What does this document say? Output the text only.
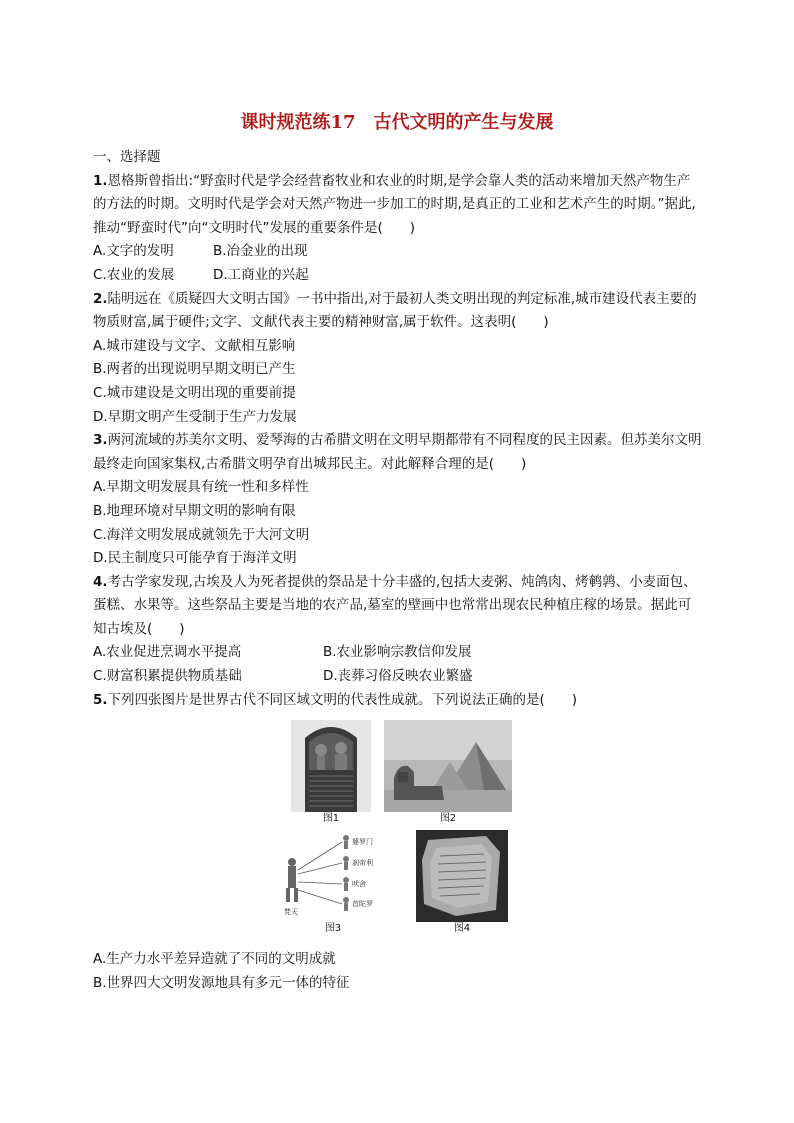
课时规范练17　古代文明的产生与发展
一、选择题
1.恩格斯曾指出:“野蛮时代是学会经营畜牧业和农业的时期,是学会靠人类的活动来增加天然产物生产的方法的时期。文明时代是学会对天然产物进一步加工的时期,是真正的工业和艺术产生的时期。”据此,推动“野蛮时代”向“文明时代”发展的重要条件是(　　)
A.文字的发明	B.冶金业的出现
C.农业的发展	D.工商业的兴起
2.陆明远在《质疑四大文明古国》一书中指出,对于最初人类文明出现的判定标准,城市建设代表主要的物质财富,属于硬件;文字、文献代表主要的精神财富,属于软件。这表明(　　)
A.城市建设与文字、文献相互影响
B.两者的出现说明早期文明已产生
C.城市建设是文明出现的重要前提
D.早期文明产生受制于生产力发展
3.两河流域的苏美尔文明、爱琴海的古希腊文明在文明早期都带有不同程度的民主因素。但苏美尔文明最终走向国家集权,古希腊文明孕育出城邦民主。对此解释合理的是(　　)
A.早期文明发展具有统一性和多样性
B.地理环境对早期文明的影响有限
C.海洋文明发展成就领先于大河文明
D.民主制度只可能孕育于海洋文明
4.考古学家发现,古埃及人为死者提供的祭品是十分丰盛的,包括大麦粥、炖鸽肉、烤鹌鹑、小麦面包、蛋糕、水果等。这些祭品主要是当地的农产品,墓室的壁画中也常常出现农民种植庄稼的场景。据此可知古埃及(　　)
A.农业促进烹调水平提高	B.农业影响宗教信仰发展
C.财富积累提供物质基础	D.丧葬习俗反映农业繁盛
5.下列四张图片是世界古代不同区域文明的代表性成就。下列说法正确的是(　　)
图1	图2
婆罗门
刹帝利
吠舍
首陀罗
梵天
图3	图4
A.生产力水平差异造就了不同的文明成就
B.世界四大文明发源地具有多元一体的特征
